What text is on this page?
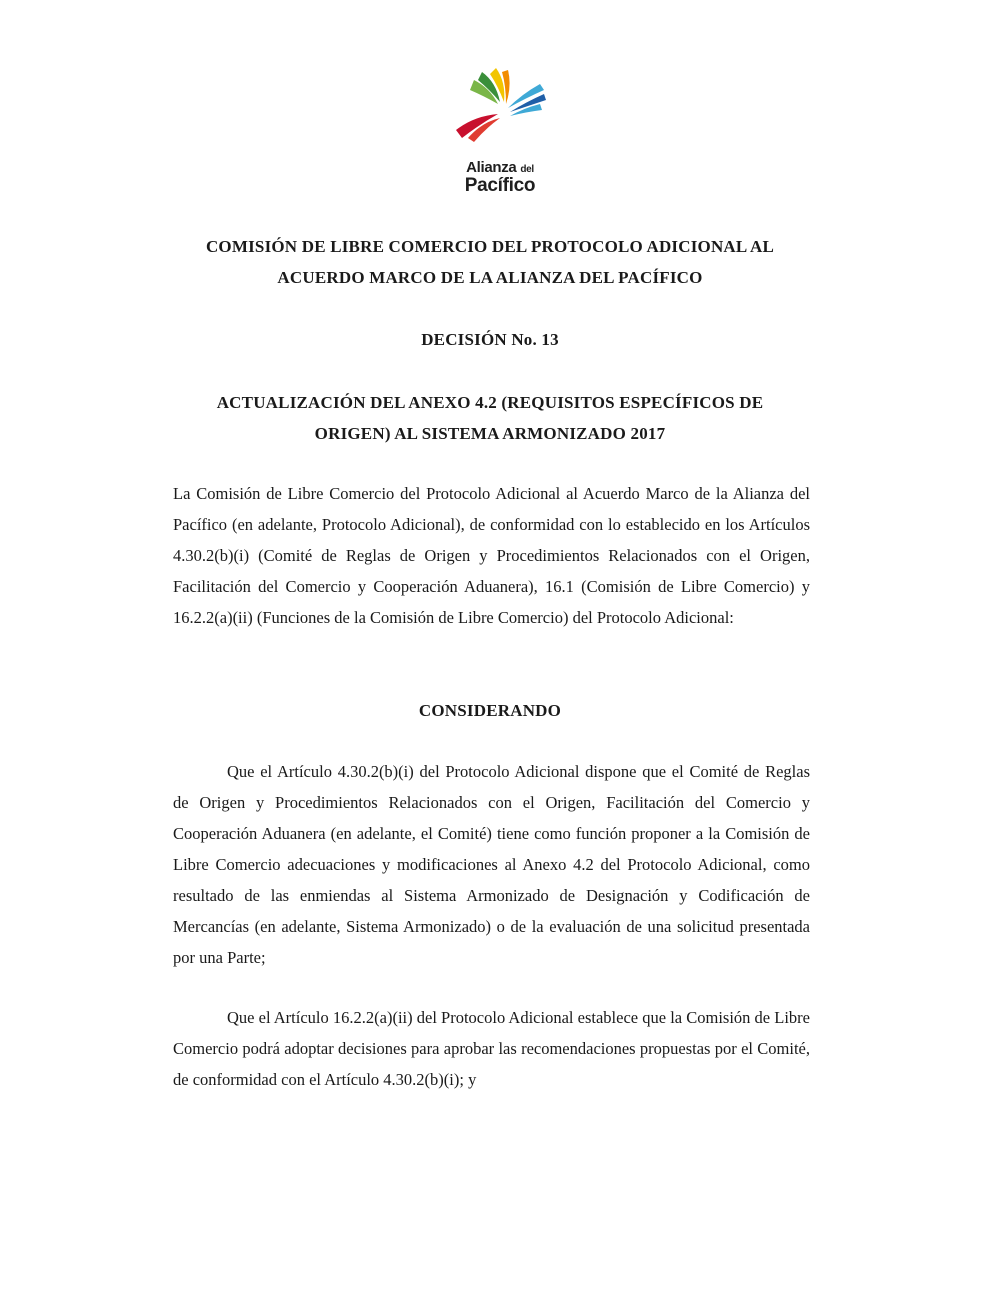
Alianza del
Pacífico
COMISIÓN DE LIBRE COMERCIO DEL PROTOCOLO ADICIONAL AL
ACUERDO MARCO DE LA ALIANZA DEL PACÍFICO
DECISIÓN No. 13
ACTUALIZACIÓN DEL ANEXO 4.2 (REQUISITOS ESPECÍFICOS DE
ORIGEN) AL SISTEMA ARMONIZADO 2017

La Comisión de Libre Comercio del Protocolo Adicional al Acuerdo Marco de la Alianza del Pacífico (en adelante, Protocolo Adicional), de conformidad con lo establecido en los Artículos 4.30.2(b)(i) (Comité de Reglas de Origen y Procedimientos Relacionados con el Origen, Facilitación del Comercio y Cooperación Aduanera), 16.1 (Comisión de Libre Comercio) y 16.2.2(a)(ii) (Funciones de la Comisión de Libre Comercio) del Protocolo Adicional:

CONSIDERANDO

Que el Artículo 4.30.2(b)(i) del Protocolo Adicional dispone que el Comité de Reglas de Origen y Procedimientos Relacionados con el Origen, Facilitación del Comercio y Cooperación Aduanera (en adelante, el Comité) tiene como función proponer a la Comisión de Libre Comercio adecuaciones y modificaciones al Anexo 4.2 del Protocolo Adicional, como resultado de las enmiendas al Sistema Armonizado de Designación y Codificación de Mercancías (en adelante, Sistema Armonizado) o de la evaluación de una solicitud presentada por una Parte;

Que el Artículo 16.2.2(a)(ii) del Protocolo Adicional establece que la Comisión de Libre Comercio podrá adoptar decisiones para aprobar las recomendaciones propuestas por el Comité, de conformidad con el Artículo 4.30.2(b)(i); y
